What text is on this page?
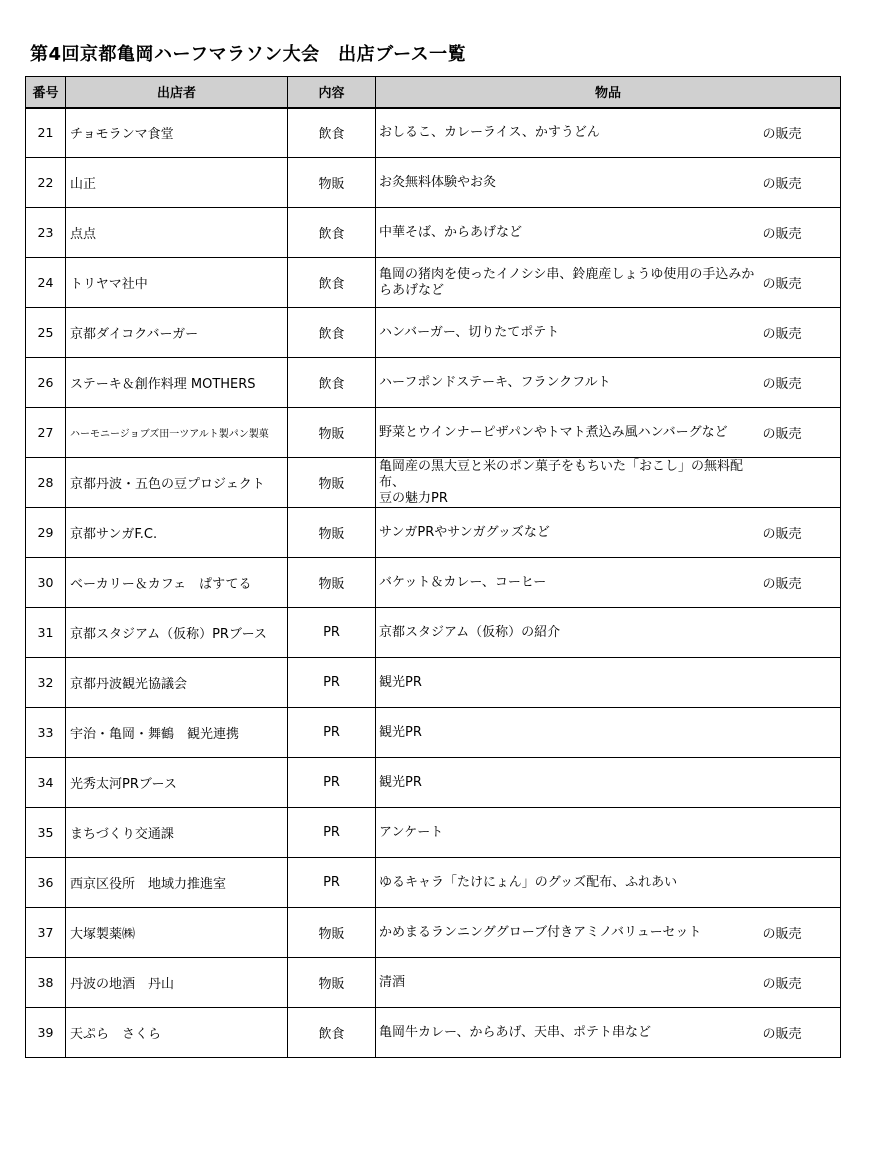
第4回京都亀岡ハーフマラソン大会　出店ブース一覧
番号	出店者	内容	物品	
21	チョモランマ食堂	飲食	おしるこ、カレーライス、かすうどん	の販売
22	山正	物販	お灸無料体験やお灸	の販売
23	点点	飲食	中華そば、からあげなど	の販売
24	トリヤマ社中	飲食	亀岡の猪肉を使ったイノシシ串、鈴鹿産しょうゆ使用の手込みからあげなど	の販売
25	京都ダイコクバーガー	飲食	ハンバーガー、切りたてポテト	の販売
26	ステーキ＆創作料理 MOTHERS	飲食	ハーフポンドステーキ、フランクフルト	の販売
27	ハーモニージョブズ田一ツアルト製パン製菓	物販	野菜とウインナーピザパンやトマト煮込み風ハンバーグなど	の販売
28	京都丹波・五色の豆プロジェクト	物販	亀岡産の黒大豆と米のポン菓子をもちいた「おこし」の無料配布、
豆の魅力PR	

29	京都サンガF.C.	物販	サンガPRやサンガグッズなど	の販売
30	ベーカリー＆カフェ　ぱすてる	物販	バケット＆カレー、コーヒー	の販売
31	京都スタジアム（仮称）PRブース	PR	京都スタジアム（仮称）の紹介	

32	京都丹波観光協議会	PR	観光PR	

33	宇治・亀岡・舞鶴　観光連携	PR	観光PR	

34	光秀太河PRブース	PR	観光PR	

35	まちづくり交通課	PR	アンケート	

36	西京区役所　地域力推進室	PR	ゆるキャラ「たけにょん」のグッズ配布、ふれあい	

37	大塚製薬㈱	物販	かめまるランニンググローブ付きアミノバリューセット	の販売
38	丹波の地酒　丹山	物販	清酒	の販売
39	天ぷら　さくら	飲食	亀岡牛カレー、からあげ、天串、ポテト串など	の販売
